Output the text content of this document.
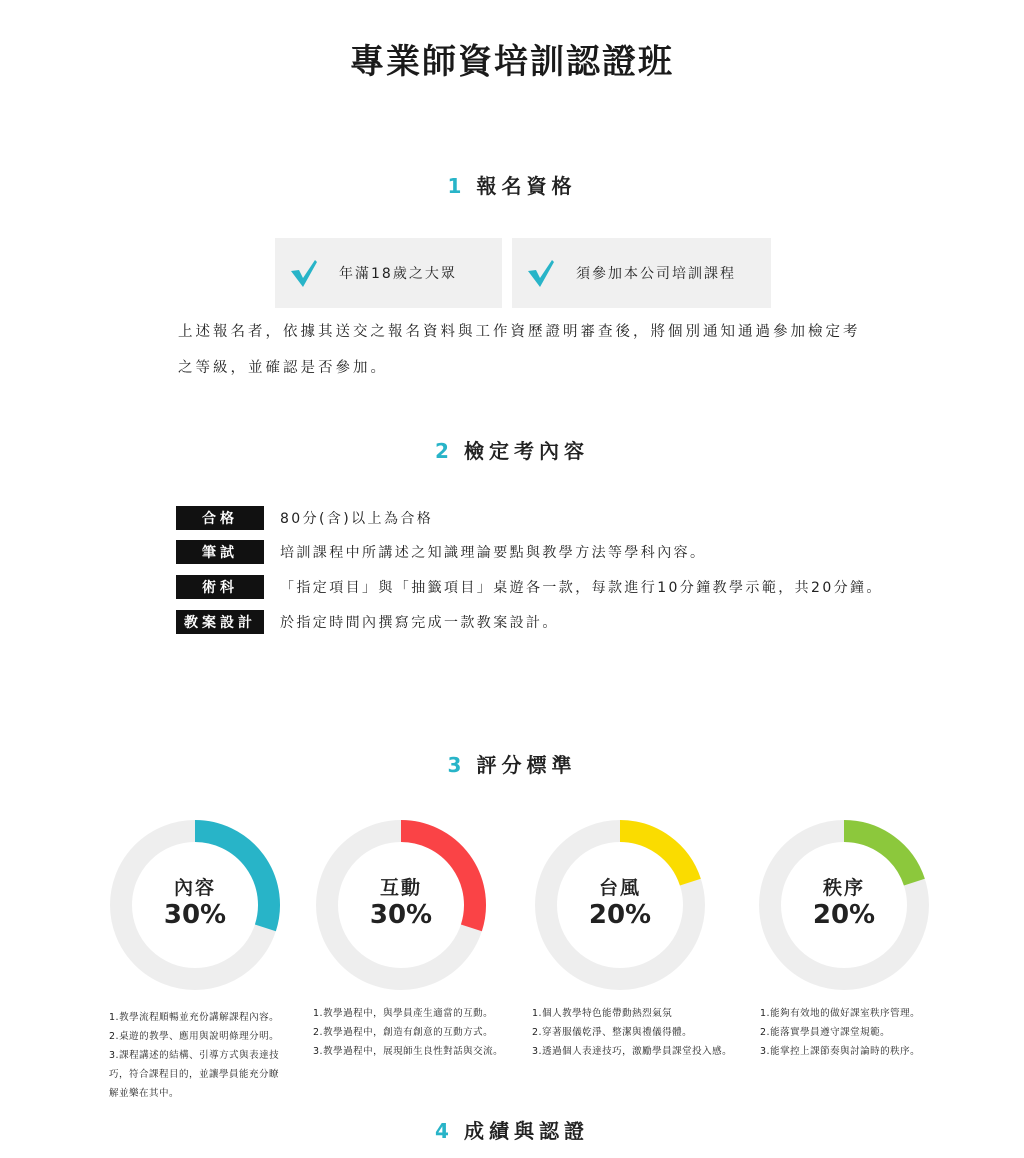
專業師資培訓認證班
1 報名資格
年滿18歲之大眾	須參加本公司培訓課程
上述報名者，依據其送交之報名資料與工作資歷證明審查後，將個別通知通過參加檢定考
之等級，並確認是否參加。
2 檢定考內容
合格	80分(含)以上為合格
筆試	培訓課程中所講述之知識理論要點與教學方法等學科內容。
術科	「指定項目」與「抽籤項目」桌遊各一款，每款進行10分鐘教學示範，共20分鐘。
教案設計	於指定時間內撰寫完成一款教案設計。
3 評分標準
內容
30%
互動
30%
台風
20%
秩序
20%
1.教學流程順暢並充份講解課程內容。
2.桌遊的教學、應用與說明條理分明。
3.課程講述的結構、引導方式與表達技
巧，符合課程目的，並讓學員能充分瞭
解並樂在其中。
1.教學過程中，與學員產生適當的互動。
2.教學過程中，創造有創意的互動方式。
3.教學過程中，展現師生良性對話與交流。
1.個人教學特色能帶動熱烈氣氛
2.穿著服儀乾淨、整潔與禮儀得體。
3.透過個人表達技巧，激勵學員課堂投入感。
1.能夠有效地的做好課室秩序管理。
2.能落實學員遵守課堂規範。
3.能掌控上課節奏與討論時的秩序。
4 成績與認證
